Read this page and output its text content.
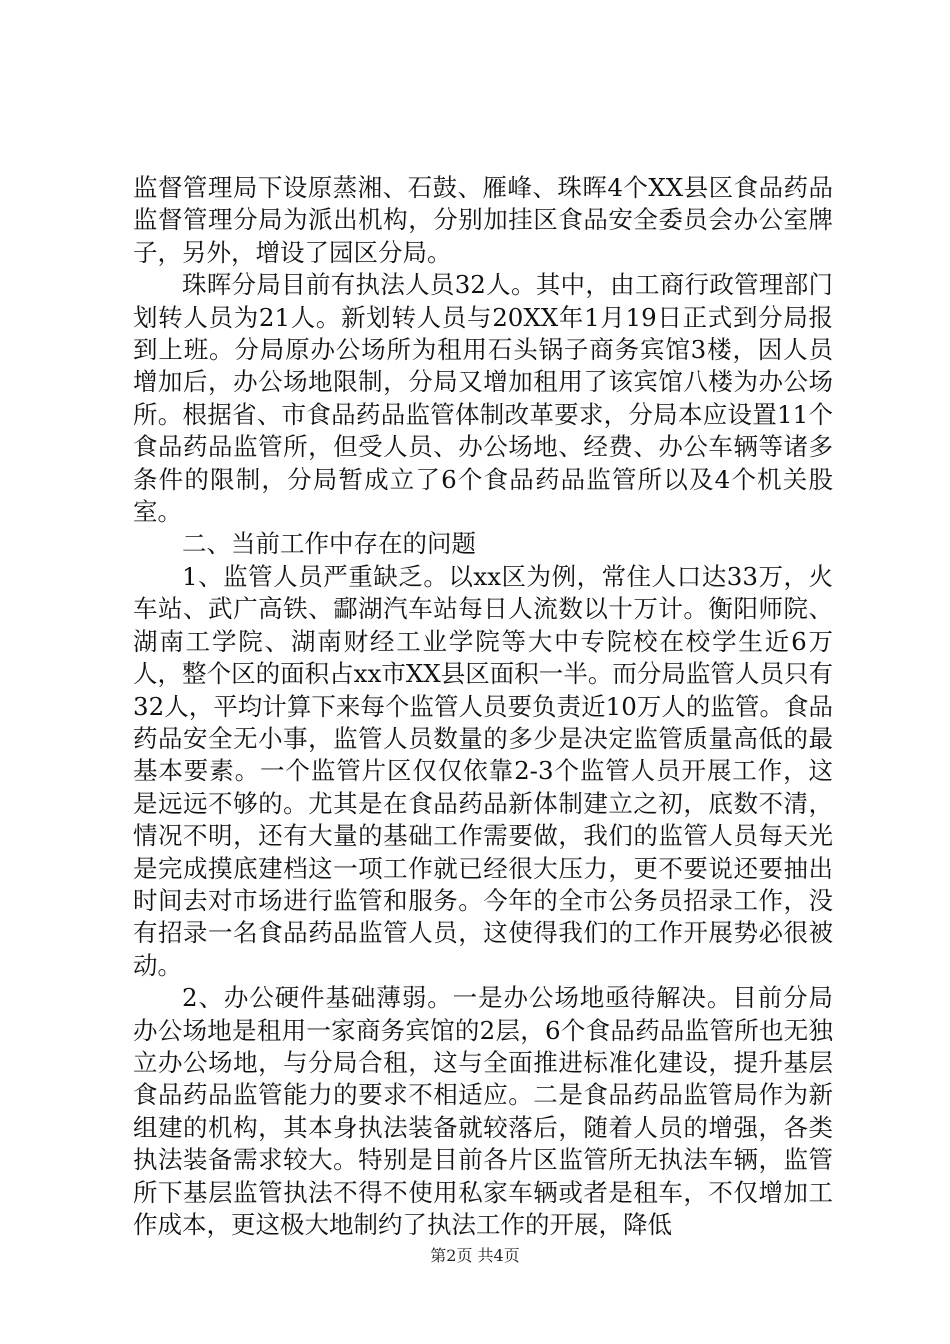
监督管理局下设原蒸湘、石鼓、雁峰、珠晖4个XX县区食品药品监督管理分局为派出机构，分别加挂区食品安全委员会办公室牌子，另外，增设了园区分局。

珠晖分局目前有执法人员32人。其中，由工商行政管理部门划转人员为21人。新划转人员与20XX年1月19日正式到分局报到上班。分局原办公场所为租用石头锅子商务宾馆3楼，因人员增加后，办公场地限制，分局又增加租用了该宾馆八楼为办公场所。根据省、市食品药品监管体制改革要求，分局本应设置11个食品药品监管所，但受人员、办公场地、经费、办公车辆等诸多条件的限制，分局暂成立了6个食品药品监管所以及4个机关股室。

二、当前工作中存在的问题

1、监管人员严重缺乏。以xx区为例，常住人口达33万，火车站、武广高铁、酃湖汽车站每日人流数以十万计。衡阳师院、湖南工学院、湖南财经工业学院等大中专院校在校学生近6万人，整个区的面积占xx市XX县区面积一半。而分局监管人员只有32人，平均计算下来每个监管人员要负责近10万人的监管。食品药品安全无小事，监管人员数量的多少是决定监管质量高低的最基本要素。一个监管片区仅仅依靠2-3个监管人员开展工作，这是远远不够的。尤其是在食品药品新体制建立之初，底数不清，情况不明，还有大量的基础工作需要做，我们的监管人员每天光是完成摸底建档这一项工作就已经很大压力，更不要说还要抽出时间去对市场进行监管和服务。今年的全市公务员招录工作，没有招录一名食品药品监管人员，这使得我们的工作开展势必很被动。

2、办公硬件基础薄弱。一是办公场地亟待解决。目前分局办公场地是租用一家商务宾馆的2层，6个食品药品监管所也无独立办公场地，与分局合租，这与全面推进标准化建设，提升基层食品药品监管能力的要求不相适应。二是食品药品监管局作为新组建的机构，其本身执法装备就较落后，随着人员的增强，各类执法装备需求较大。特别是目前各片区监管所无执法车辆，监管所下基层监管执法不得不使用私家车辆或者是租车，不仅增加工作成本，更这极大地制约了执法工作的开展，降低

第2页 共4页
